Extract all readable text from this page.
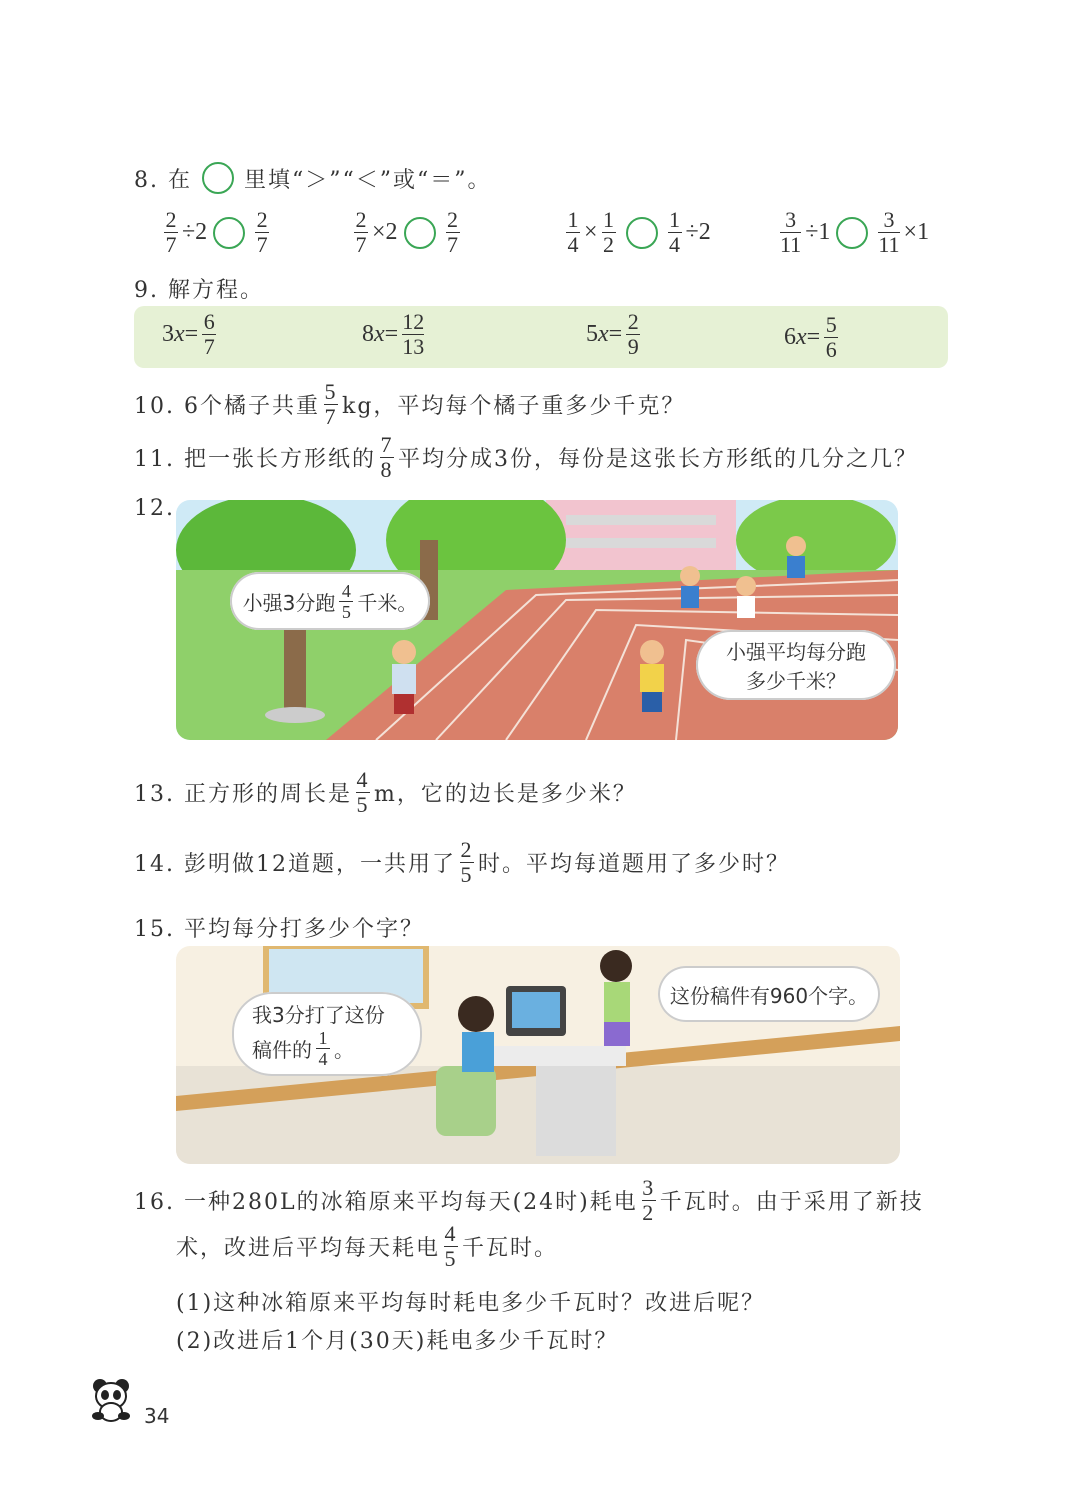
8. 在 里填“＞”“＜”或“＝”。
$\frac{2}{7} \div 2 \frac{2}{7}$	$\frac{2}{7} \times 2 \frac{2}{7}$	$\frac{1}{4} \times \frac{1}{2} \frac{1}{4} \div 2$	$\frac{3}{11} \div 1 \frac{3}{11} \times 1$
9. 解方程。
3 $x = \frac{6}{7}$	8 $x = \frac{12}{13}$	5 $x = \frac{2}{9}$	6 $x = \frac{5}{6}$
10. 6个橘子共重 $\frac{5}{7}$ kg，平均每个橘子重多少千克？
11. 把一张长方形纸的 $\frac{7}{8}$ 平均分成3份，每份是这张长方形纸的几分之几？
12.
小强3分跑 $\frac{4}{5}$ 千米。
小强平均每分跑
多少千米？
13. 正方形的周长是 $\frac{4}{5}$ m，它的边长是多少米？
14. 彭明做12道题，一共用了 $\frac{2}{5}$ 时。平均每道题用了多少时？
15. 平均每分打多少个字？
我3分打了这份
稿件的 $\frac{1}{4}$ 。
这份稿件有960个字。
16. 一种280L的冰箱原来平均每天(24时)耗电 $\frac{3}{2}$ 千瓦时。由于采用了新技
术，改进后平均每天耗电 $\frac{4}{5}$ 千瓦时。
(1)这种冰箱原来平均每时耗电多少千瓦时？改进后呢？
(2)改进后1个月(30天)耗电多少千瓦时？
34
